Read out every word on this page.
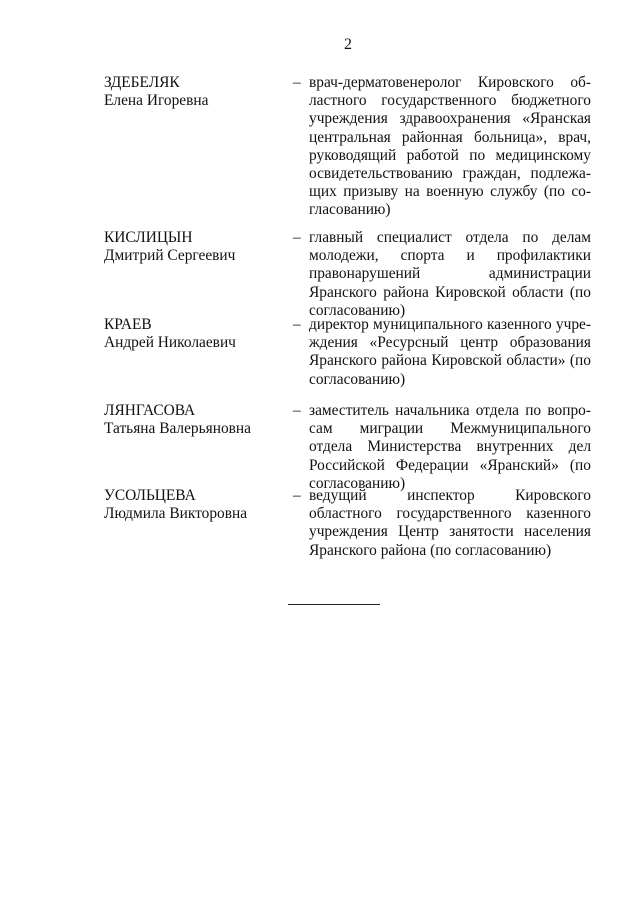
2
ЗДЕБЕЛЯК
Елена Игоревна
– врач-дерматовенеролог Кировского областного государственного бюджетного учреждения здравоохранения «Яранская центральная районная больница», врач, руководящий работой по медицинскому освидетельствованию граждан, подлежащих призыву на военную службу (по согласованию)
КИСЛИЦЫН
Дмитрий Сергеевич
– главный специалист отдела по делам молодежи, спорта и профилактики правонарушений администрации Яранского района Кировской области (по согласованию)
КРАЕВ
Андрей Николаевич
– директор муниципального казенного учреждения «Ресурсный центр образования Яранского района Кировской области» (по согласованию)
ЛЯНГАСОВА
Татьяна Валерьяновна
– заместитель начальника отдела по вопросам миграции Межмуниципального отдела Министерства внутренних дел Российской Федерации «Яранский» (по согласованию)
УСОЛЬЦЕВА
Людмила Викторовна
– ведущий инспектор Кировского областного государственного казенного учреждения Центр занятости населения Яранского района (по согласованию)
